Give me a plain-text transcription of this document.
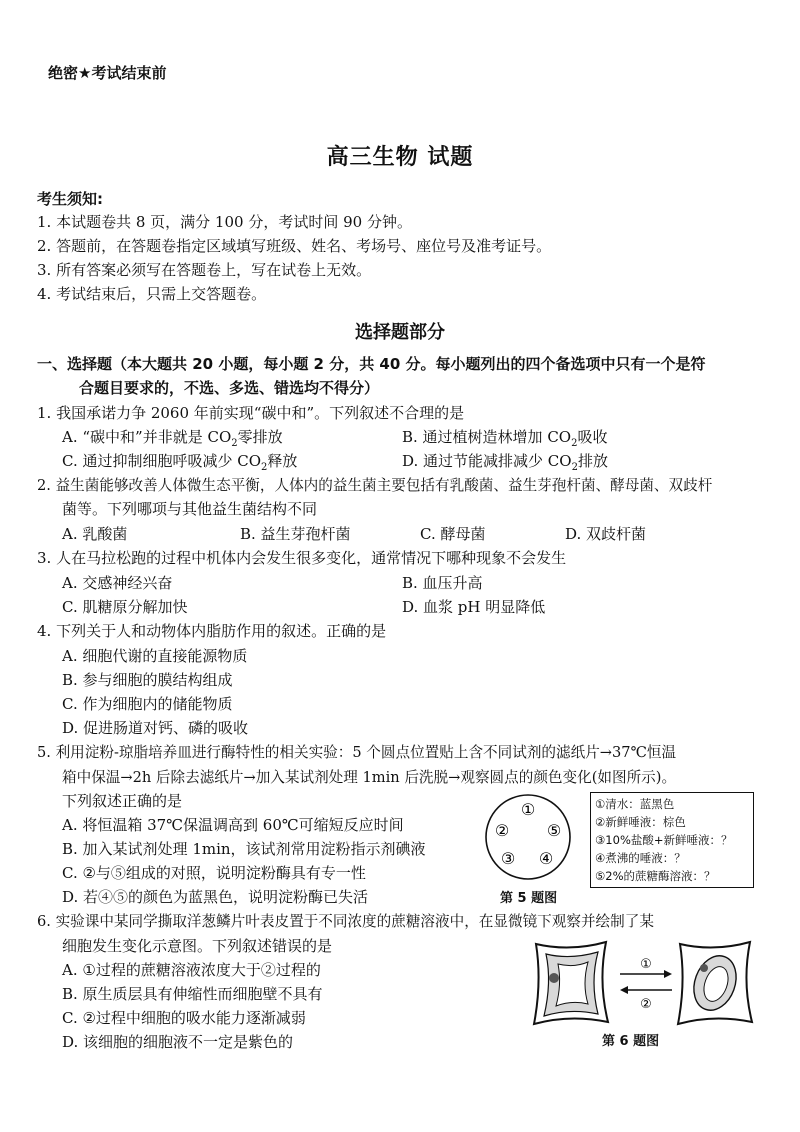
绝密★考试结束前
高三生物 试题
考生须知:
1. 本试题卷共 8 页，满分 100 分，考试时间 90 分钟。
2. 答题前，在答题卷指定区域填写班级、姓名、考场号、座位号及准考证号。
3. 所有答案必须写在答题卷上，写在试卷上无效。
4. 考试结束后，只需上交答题卷。
选择题部分
一、选择题（本大题共 20 小题，每小题 2 分，共 40 分。每小题列出的四个备选项中只有一个是符
合题目要求的，不选、多选、错选均不得分）
1. 我国承诺力争 2060 年前实现“碳中和”。下列叙述不合理的是
A. “碳中和”并非就是 $CO_2$零排放	B. 通过植树造林增加 $CO_2$吸收
C. 通过抑制细胞呼吸减少 $CO_2$释放	D. 通过节能减排减少 $CO_2$排放
2. 益生菌能够改善人体微生态平衡，人体内的益生菌主要包括有乳酸菌、益生芽孢杆菌、酵母菌、双歧杆
菌等。下列哪项与其他益生菌结构不同
A. 乳酸菌	B. 益生芽孢杆菌	C. 酵母菌	D. 双歧杆菌
3. 人在马拉松跑的过程中机体内会发生很多变化，通常情况下哪种现象不会发生
A. 交感神经兴奋	B. 血压升高
C. 肌糖原分解加快	D. 血浆 pH 明显降低
4. 下列关于人和动物体内脂肪作用的叙述。正确的是
A. 细胞代谢的直接能源物质
B. 参与细胞的膜结构组成
C. 作为细胞内的储能物质
D. 促进肠道对钙、磷的吸收
5. 利用淀粉-琼脂培养皿进行酶特性的相关实验：5 个圆点位置贴上含不同试剂的滤纸片→37℃恒温
箱中保温→2h 后除去滤纸片→加入某试剂处理 1min 后洗脱→观察圆点的颜色变化(如图所示)。
下列叙述正确的是
A. 将恒温箱 37℃保温调高到 60℃可缩短反应时间
B. 加入某试剂处理 1min，该试剂常用淀粉指示剂碘液
C. ②与⑤组成的对照，说明淀粉酶具有专一性
D. 若④⑤的颜色为蓝黑色，说明淀粉酶已失活
①
②
③ ④
⑤
第 5 题图
①清水：蓝黑色
②新鲜唾液：棕色
③10%盐酸+新鲜唾液：？
④煮沸的唾液：？
⑤2%的蔗糖酶溶液：？
6. 实验课中某同学撕取洋葱鳞片叶表皮置于不同浓度的蔗糖溶液中，在显微镜下观察并绘制了某
细胞发生变化示意图。下列叙述错误的是
A. ①过程的蔗糖溶液浓度大于②过程的
B. 原生质层具有伸缩性而细胞壁不具有
C. ②过程中细胞的吸水能力逐渐减弱
D. 该细胞的细胞液不一定是紫色的
①
②
第 6 题图
